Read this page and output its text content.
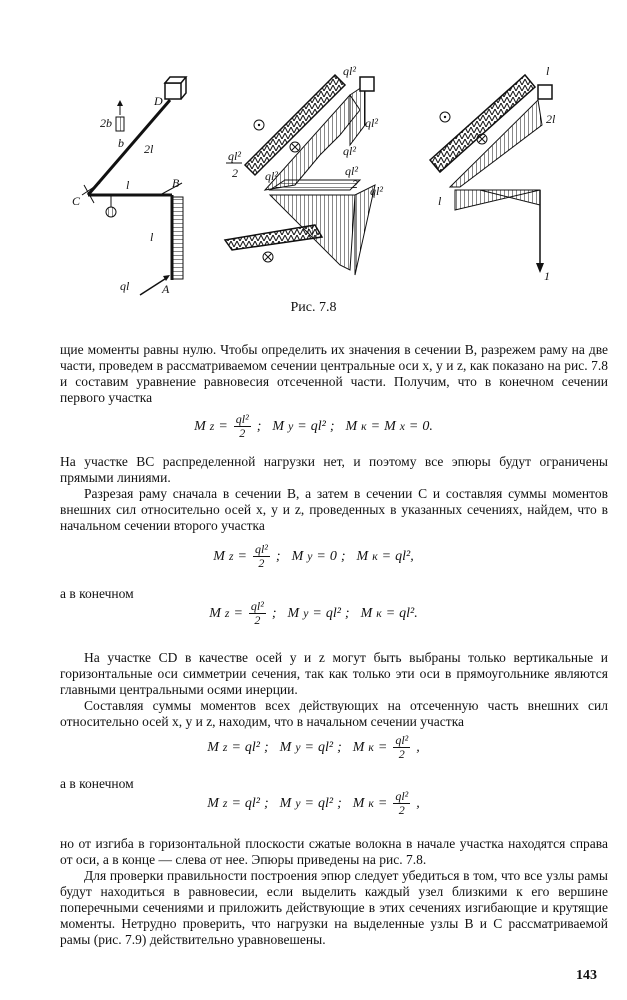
D
2b
b 2l
C
l	B
l
ql	A
ql²
ql²
ql²
2 ql²
ql²
ql²
2 ql²
l
2l
l
1
Рис. 7.8

щие моменты равны нулю. Чтобы определить их значения в сечении B, разрежем раму на две части, проведем в рассматриваемом сечении центральные оси x, y и z, как показано на рис. 7.8 и составим уравнение равновесия отсеченной части. Получим, что в конечном сечении первого участка

M $z = \frac{\text{ql²}}{2}$ ; M y = ql² ; M к = M x = 0.

На участке BC распределенной нагрузки нет, и поэтому все эпюры будут ограничены прямыми линиями.

Разрезая раму сначала в сечении B, а затем в сечении C и составляя суммы моментов внешних сил относительно осей x, y и z, проведенных в указанных сечениях, найдем, что в начальном сечении второго участка

M $z = \frac{\text{ql²}}{2}$ ; M y = 0 ; M к = ql²,

а в конечном

M $z = \frac{\text{ql²}}{2}$ ; M y = ql² ; M к = ql².

На участке CD в качестве осей y и z могут быть выбраны только вертикальные и горизонтальные оси симметрии сечения, так как только эти оси в прямоугольнике являются главными центральными осями инерции.

Составляя суммы моментов всех действующих на отсеченную часть внешних сил относительно осей x, y и z, находим, что в начальном сечении участка

M z = ql² ; M y = ql² ; M $к = \frac{\text{ql²}}{2}$ ,

а в конечном

M z = ql² ; M y = ql² ; M $к = \frac{\text{ql²}}{2}$ ,

но от изгиба в горизонтальной плоскости сжатые волокна в начале участка находятся справа от оси, а в конце — слева от нее. Эпюры приведены на рис. 7.8.

Для проверки правильности построения эпюр следует убедиться в том, что все узлы рамы будут находиться в равновесии, если выделить каждый узел близкими к его вершине поперечными сечениями и приложить действующие в этих сечениях изгибающие и крутящие моменты. Нетрудно проверить, что нагрузки на выделенные узлы B и C рассматриваемой рамы (рис. 7.9) действительно уравновешены.

143
